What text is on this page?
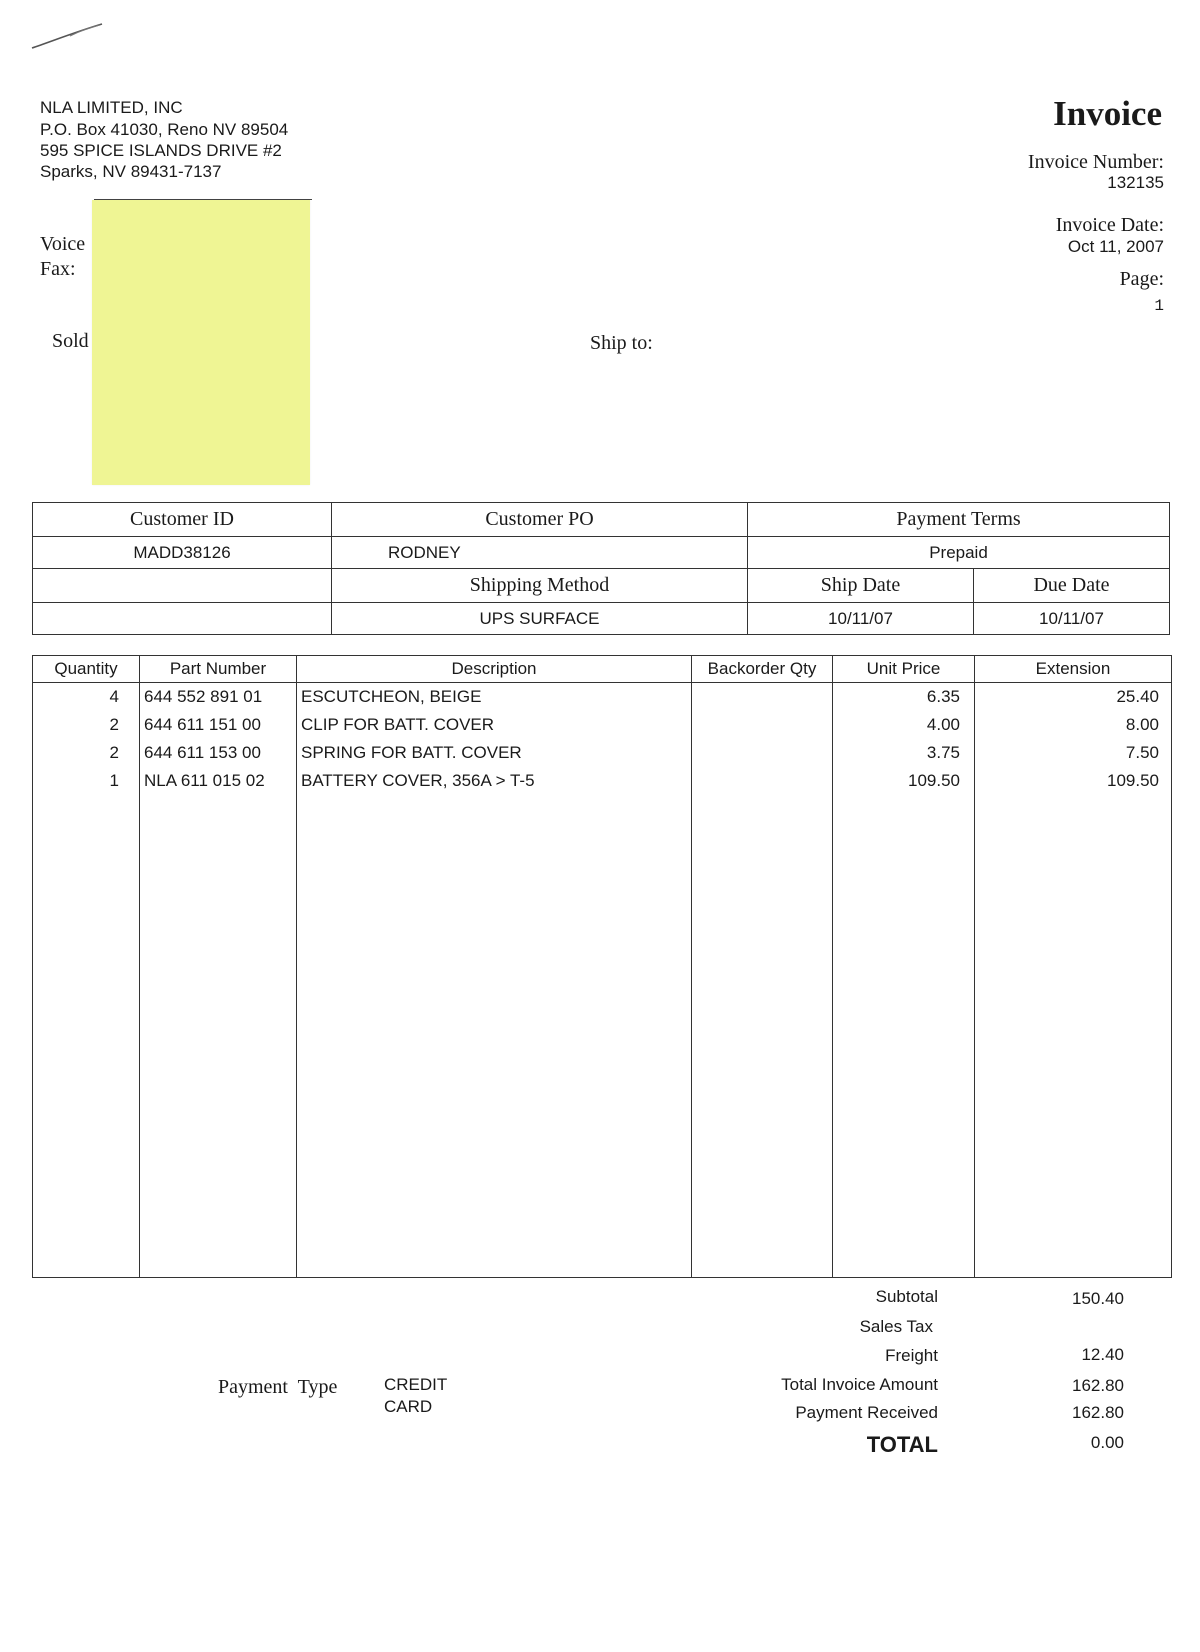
NLA LIMITED, INC
P.O. Box 41030, Reno NV 89504
595 SPICE ISLANDS DRIVE #2
Sparks, NV 89431-7137
Voice
Fax:
Sold	Ship to:
Invoice
Invoice Number:
132135
Invoice Date:
Oct 11, 2007
Page:
1
Customer ID	Customer PO	Payment Terms	
MADD38126	RODNEY	Prepaid	
	Shipping Method	Ship Date	Due Date
	UPS SURFACE	10/11/07	10/11/07
Quantity	Part Number	Description	Backorder Qty	Unit Price	Extension
4	644 552 891 01	ESCUTCHEON, BEIGE		6.35	25.40
2	644 611 151 00	CLIP FOR BATT. COVER		4.00	8.00
2	644 611 153 00	SPRING FOR BATT. COVER		3.75	7.50
1	NLA 611 015 02	BATTERY COVER, 356A > T-5		109.50	109.50

Subtotal	150.40
Sales Tax
Freight	12.40
Total Invoice Amount	162.80
Payment Received	162.80
TOTAL	0.00
Payment  Type	CREDIT
CARD
